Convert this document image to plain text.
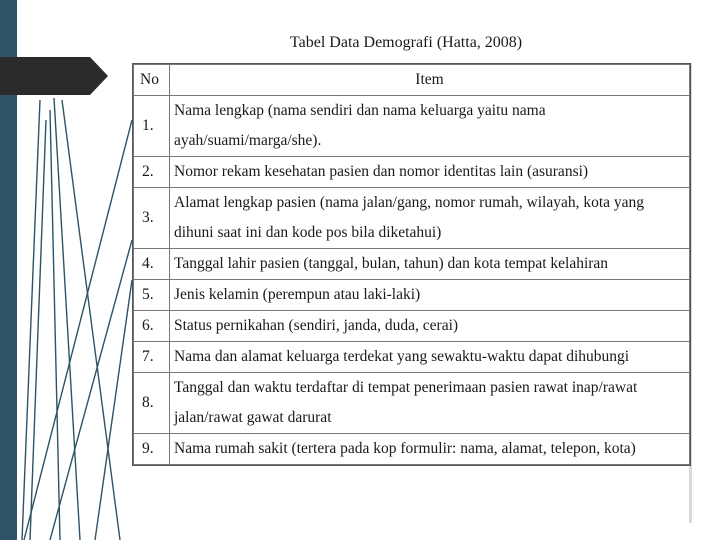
Tabel Data Demografi (Hatta, 2008)
No	Item
1.	Nama lengkap (nama sendiri dan nama keluarga yaitu nama ayah/suami/marga/she).
2.	Nomor rekam kesehatan pasien dan nomor identitas lain (asuransi)
3.	Alamat lengkap pasien (nama jalan/gang, nomor rumah, wilayah, kota yang dihuni saat ini dan kode pos bila diketahui)
4.	Tanggal lahir pasien (tanggal, bulan, tahun) dan kota tempat kelahiran
5.	Jenis kelamin (perempun atau laki-laki)
6.	Status pernikahan (sendiri, janda, duda, cerai)
7.	Nama dan alamat keluarga terdekat yang sewaktu-waktu dapat dihubungi
8.	Tanggal dan waktu terdaftar di tempat penerimaan pasien rawat inap/rawat jalan/rawat gawat darurat
9.	Nama rumah sakit (tertera pada kop formulir: nama, alamat, telepon, kota)
